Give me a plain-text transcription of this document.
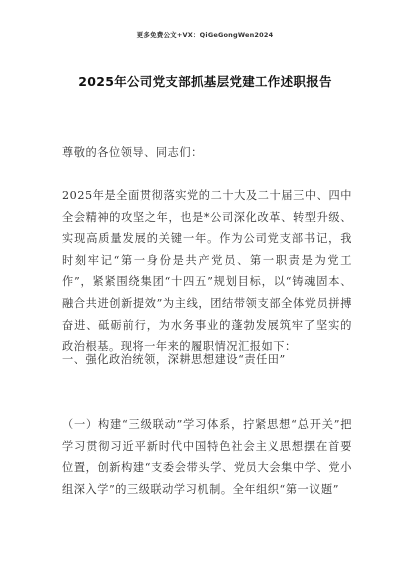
更多免费公文+VX：QiGeGongWen2024
2025年公司党支部抓基层党建工作述职报告
尊敬的各位领导、同志们：

2025年是全面贯彻落实党的二十大及二十届三中、四中全会精神的攻坚之年，也是*公司深化改革、转型升级、实现高质量发展的关键一年。作为公司党支部书记，我时刻牢记“第一身份是共产党员、第一职责是为党工作”，紧紧围绕集团“十四五”规划目标，以“铸魂固本、融合共进创新提效”为主线，团结带领支部全体党员拼搏奋进、砥砺前行，为水务事业的蓬勃发展筑牢了坚实的政治根基。现将一年来的履职情况汇报如下：

一、强化政治统领，深耕思想建设“责任田”

（一）构建“三级联动”学习体系，拧紧思想“总开关”把学习贯彻习近平新时代中国特色社会主义思想摆在首要位置，创新构建“支委会带头学、党员大会集中学、党小组深入学”的三级联动学习机制。全年组织“第一议题”
